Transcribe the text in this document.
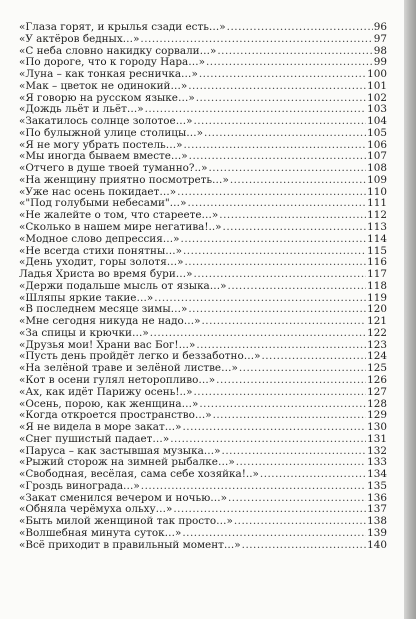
«Глаза горят, и крылья сзади есть…» .....	96
«У актёров бедных…» .....	97
«С неба словно накидку сорвали…» .....	98
«По дороге, что к городу Нара…» .....	99
«Луна – как тонкая ресничка…» .....	100
«Мак – цветок не одинокий…» .....	101
«Я говорю на русском языке…» .....	102
«Дождь льёт и льёт…» .....	103
«Закатилось солнце золотое…» .....	104
«По булыжной улице столицы…» .....	105
«Я не могу убрать постель…» .....	106
«Мы иногда бываем вместе…» .....	107
«Отчего в душе твоей туманно?..» .....	108
«На женщину приятно посмотреть…» .....	109
«Уже нас осень покидает…» .....	110
«"Под голубыми небесами"…» .....	111
«Не жалейте о том, что стареете…» .....	112
«Сколько в нашем мире негатива!..» .....	113
«Модное слово депрессия…» .....	114
«Не всегда стихи понятны…» .....	115
«День уходит, горы золотя…» .....	116
Ладья Христа во время бури…» .....	117
«Держи подальше мысль от языка…» .....	118
«Шляпы яркие такие…» .....	119
«В последнем месяце зимы…» .....	120
«Мне сегодня никуда не надо…» .....	121
«За спицы и крючки…» .....	122
«Друзья мои! Храни вас Бог!…» .....	123
«Пусть день пройдёт легко и беззаботно…» .....	124
«На зелёной траве и зелёной листве…» .....	125
«Кот в осени гулял неторопливо…» .....	126
«Ах, как идёт Парижу осень!..» .....	127
«Осень, порою, как женщина…» .....	128
«Когда откроется пространство…» .....	129
«Я не видела в море закат…» .....	130
«Снег пушистый падает…» .....	131
«Паруса – как застывшая музыка…» .....	132
«Рыжий сторож на зимней рыбалке…» .....	133
«Свободная, весёлая, сама себе хозяйка!..» .....	134
«Гроздь винограда…» .....	135
«Закат сменился вечером и ночью…» .....	136
«Обняла черёмуха ольху…» .....	137
«Быть милой женщиной так просто…» .....	138
«Волшебная минута суток…» .....	139
«Всё приходит в правильный момент…» .....	140
